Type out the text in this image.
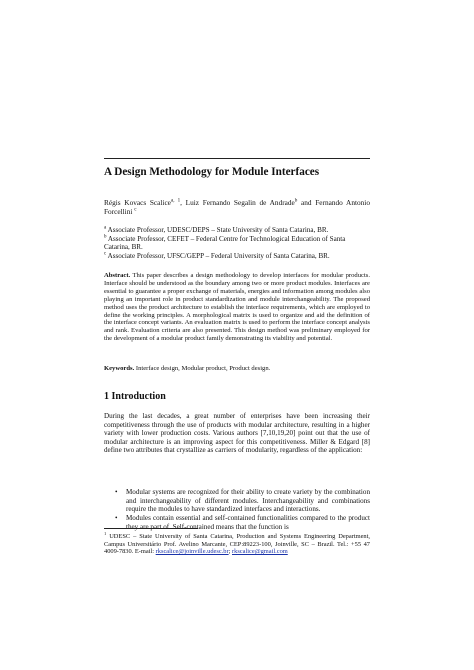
A Design Methodology for Module Interfaces
Régis Kovacs Scalice$^{a, 1}$, Luiz Fernando Segalin de Andrade$^b$ and Fernando Antonio Forcellini $^c$
$^a$ Associate Professor, UDESC/DEPS – State University of Santa Catarina, BR.
$^b$ Associate Professor, CEFET – Federal Centre for Technological Education of Santa Catarina, BR.
$^c$ Associate Professor, UFSC/GEPP – Federal University of Santa Catarina, BR.
Abstract. This paper describes a design methodology to develop interfaces for modular products. Interface should be understood as the boundary among two or more product modules. Interfaces are essential to guarantee a proper exchange of materials, energies and information among modules also playing an important role in product standardization and module interchangeability. The proposed method uses the product architecture to establish the interface requirements, which are employed to define the working principles. A morphological matrix is used to organize and aid the definition of the interface concept variants. An evaluation matrix is used to perform the interface concept analysis and rank. Evaluation criteria are also presented. This design method was preliminary employed for the development of a modular product family demonstrating its viability and potential.
Keywords. Interface design, Modular product, Product design.
1 Introduction
During the last decades, a great number of enterprises have been increasing their competitiveness through the use of products with modular architecture, resulting in a higher variety with lower production costs. Various authors [7,10,19,20] point out that the use of modular architecture is an improving aspect for this competitiveness. Miller & Edgard [8] define two attributes that crystallize as carriers of modularity, regardless of the application:
• Modular systems are recognized for their ability to create variety by the combination and interchangeability of different modules. Interchangeability and combinations require the modules to have standardized interfaces and interactions.
• Modules contain essential and self-contained functionalities compared to the product they are part of. Self-contained means that the function is
$^1$ UDESC – State University of Santa Catarina, Production and Systems Engineering Department, Campus Universitário Prof. Avelino Marcante, CEP:89223-100, Joinville, SC – Brazil. Tel.: +55 47 4009-7830. E-mail: rkscalice@joinville.udesc.br; rkscalice@gmail.com
